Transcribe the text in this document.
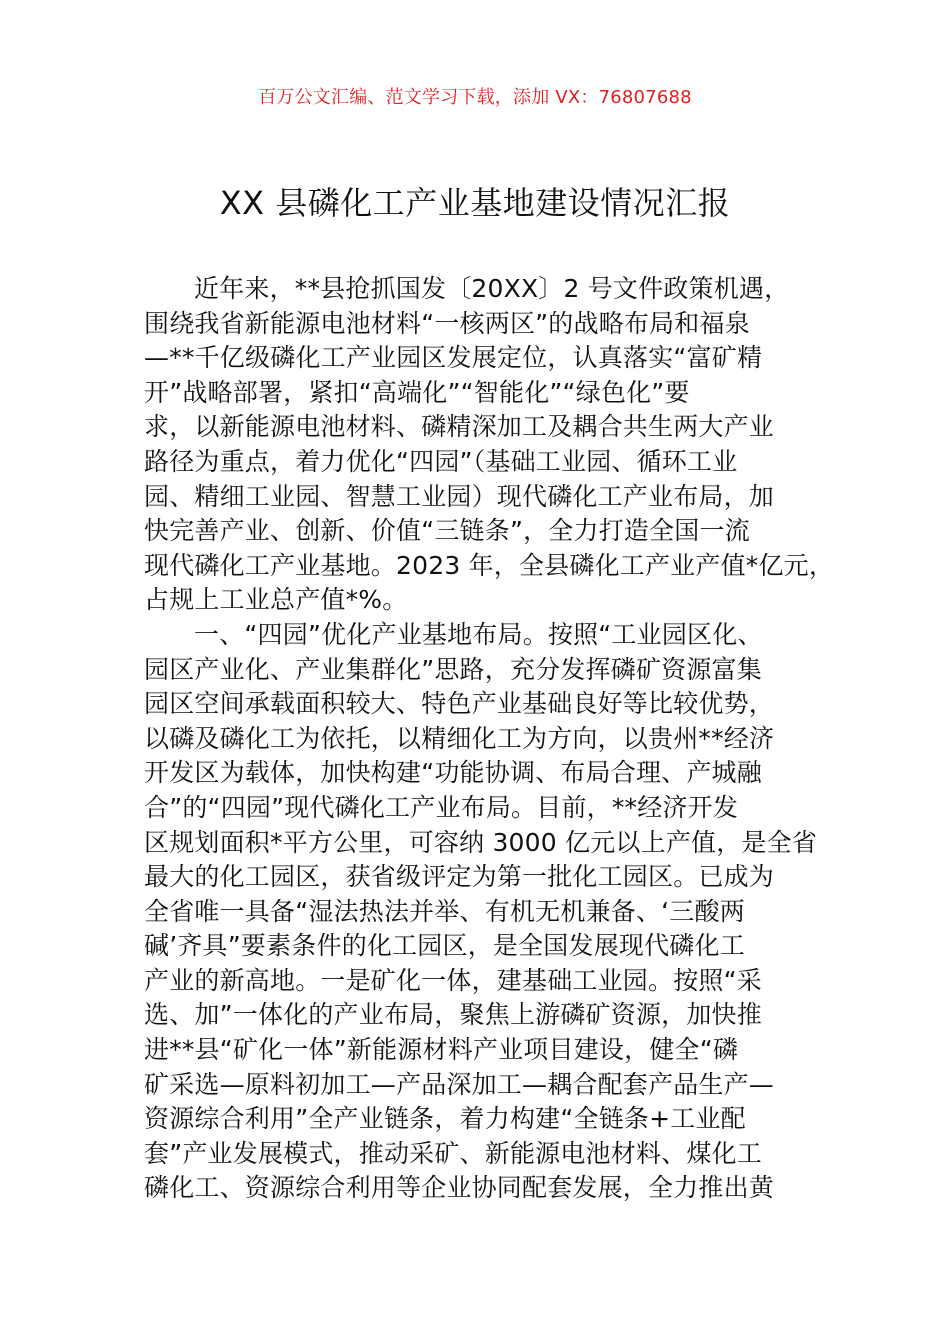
百万公文汇编、范文学习下载，添加 VX：76807688
XX 县磷化工产业基地建设情况汇报
近年来，**县抢抓国发〔20XX〕2 号文件政策机遇，
围绕我省新能源电池材料“一核两区”的战略布局和福泉
—**千亿级磷化工产业园区发展定位，认真落实“富矿精
开”战略部署，紧扣“高端化”“智能化”“绿色化”要
求，以新能源电池材料、磷精深加工及耦合共生两大产业
路径为重点，着力优化“四园”（基础工业园、循环工业
园、精细工业园、智慧工业园）现代磷化工产业布局，加
快完善产业、创新、价值“三链条”，全力打造全国一流
现代磷化工产业基地。2023 年，全县磷化工产业产值*亿元，
占规上工业总产值*%。
一、“四园”优化产业基地布局。按照“工业园区化、
园区产业化、产业集群化”思路，充分发挥磷矿资源富集
园区空间承载面积较大、特色产业基础良好等比较优势，
以磷及磷化工为依托，以精细化工为方向，以贵州**经济
开发区为载体，加快构建“功能协调、布局合理、产城融
合”的“四园”现代磷化工产业布局。目前，**经济开发
区规划面积*平方公里，可容纳 3000 亿元以上产值，是全省
最大的化工园区，获省级评定为第一批化工园区。已成为
全省唯一具备“湿法热法并举、有机无机兼备、‘三酸两
碱’齐具”要素条件的化工园区，是全国发展现代磷化工
产业的新高地。一是矿化一体，建基础工业园。按照“采
选、加”一体化的产业布局，聚焦上游磷矿资源，加快推
进**县“矿化一体”新能源材料产业项目建设，健全“磷
矿采选—原料初加工—产品深加工—耦合配套产品生产—
资源综合利用”全产业链条，着力构建“全链条+工业配
套”产业发展模式，推动采矿、新能源电池材料、煤化工
磷化工、资源综合利用等企业协同配套发展，全力推出黄
